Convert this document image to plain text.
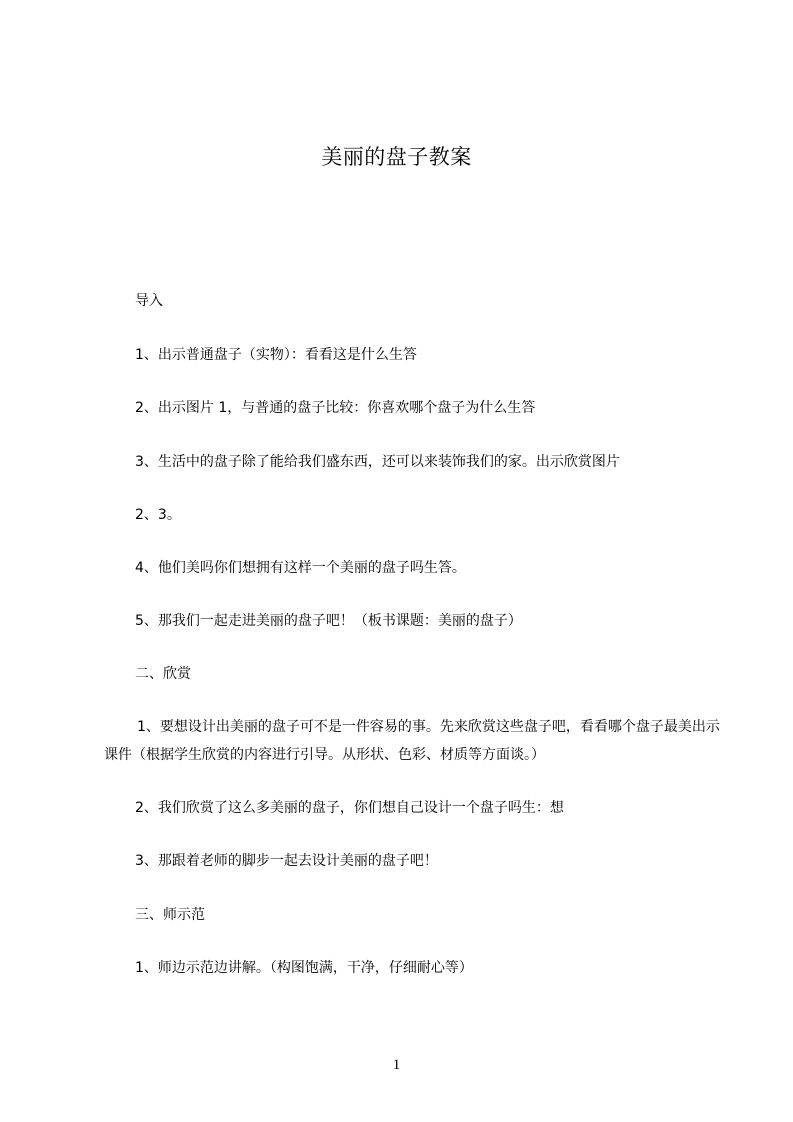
美丽的盘子教案
导入
1、出示普通盘子（实物）：看看这是什么生答
2、出示图片 1，与普通的盘子比较：你喜欢哪个盘子为什么生答
3、生活中的盘子除了能给我们盛东西，还可以来装饰我们的家。出示欣赏图片
2、3。
4、他们美吗你们想拥有这样一个美丽的盘子吗生答。
5、那我们一起走进美丽的盘子吧！（板书课题：美丽的盘子）
二、欣赏
1、要想设计出美丽的盘子可不是一件容易的事。先来欣赏这些盘子吧，看看哪个盘子最美出示课件（根据学生欣赏的内容进行引导。从形状、色彩、材质等方面谈。）
2、我们欣赏了这么多美丽的盘子，你们想自己设计一个盘子吗生：想
3、那跟着老师的脚步一起去设计美丽的盘子吧！
三、师示范
1、师边示范边讲解。（构图饱满，干净，仔细耐心等）
1
